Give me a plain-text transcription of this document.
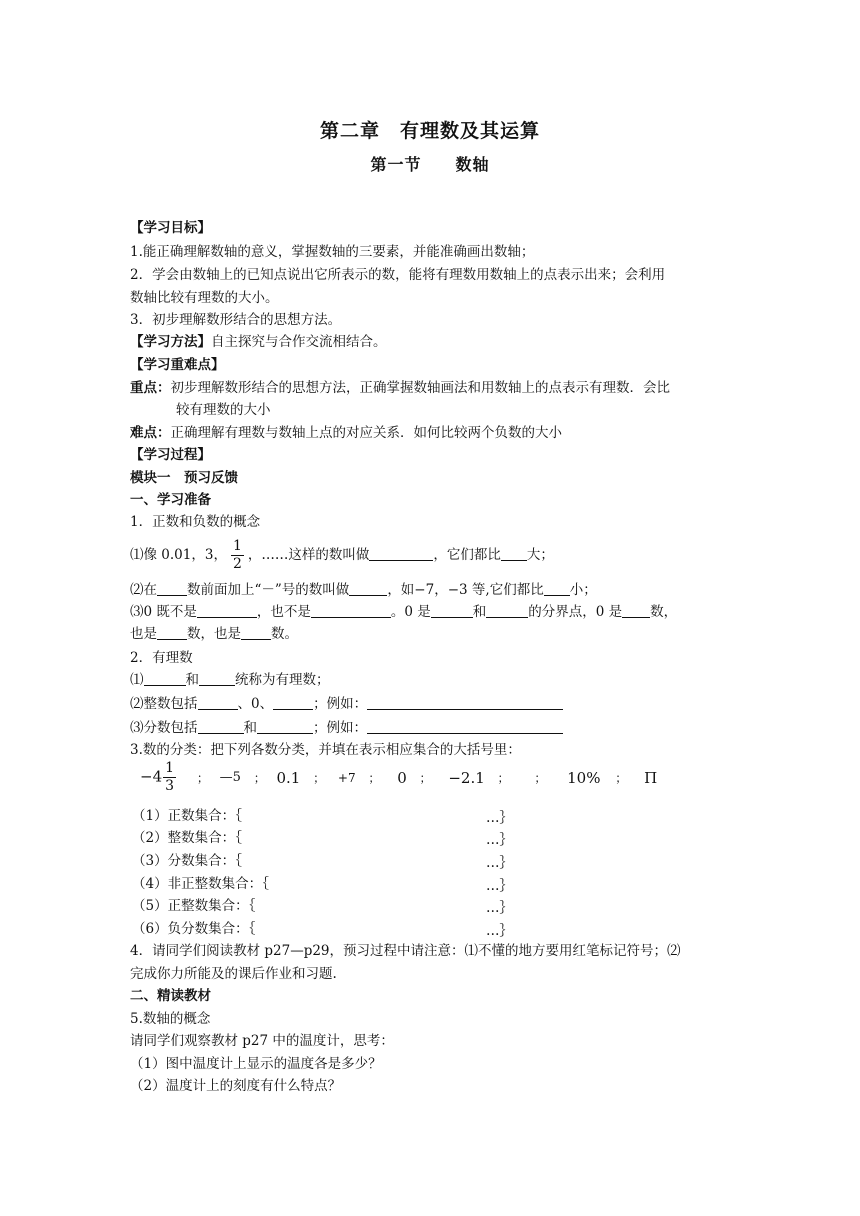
第二章　有理数及其运算
第一节　　数轴
【学习目标】
1.能正确理解数轴的意义，掌握数轴的三要素，并能准确画出数轴；
2．学会由数轴上的已知点说出它所表示的数，能将有理数用数轴上的点表示出来；会利用
数轴比较有理数的大小。
3．初步理解数形结合的思想方法。
【学习方法】自主探究与合作交流相结合。
【学习重难点】
重点：初步理解数形结合的思想方法，正确掌握数轴画法和用数轴上的点表示有理数．会比
较有理数的大小
难点：正确理解有理数与数轴上点的对应关系．如何比较两个负数的大小
【学习过程】
模块一　预习反馈
一、学习准备
1．正数和负数的概念
⑴像 0.01，3， $\frac{1}{2}$ ，……这样的数叫做	，它们都比 大；
⑵在 数前面加上“－”号的数叫做	，如−7，−3 等,它们都比 小；
⑶0 既不是	，也不是	。0 是	和	的分界点，0 是 数，
也是 数，也是 数。
2．有理数
⑴	和	统称为有理数；
⑵整数包括	、0、	；例如：
⑶分数包括	和	；例如：
3.数的分类：把下列各数分类，并填在表示相应集合的大括号里：
$-4 \frac{1}{3}$ ； —5 ； 0.1 ； +7 ； 0 ； −2.1 ； ； 10% ； Π
（1）正数集合：｛	…｝
（2）整数集合：｛	…｝
（3）分数集合：｛	…｝
（4）非正整数集合：｛	…｝
（5）正整数集合：｛	…｝
（6）负分数集合：｛	…｝
4．请同学们阅读教材 p27—p29，预习过程中请注意：⑴不懂的地方要用红笔标记符号；⑵
完成你力所能及的课后作业和习题.
二、精读教材
5.数轴的概念
请同学们观察教材 p27 中的温度计，思考：
（1）图中温度计上显示的温度各是多少？
（2）温度计上的刻度有什么特点？
